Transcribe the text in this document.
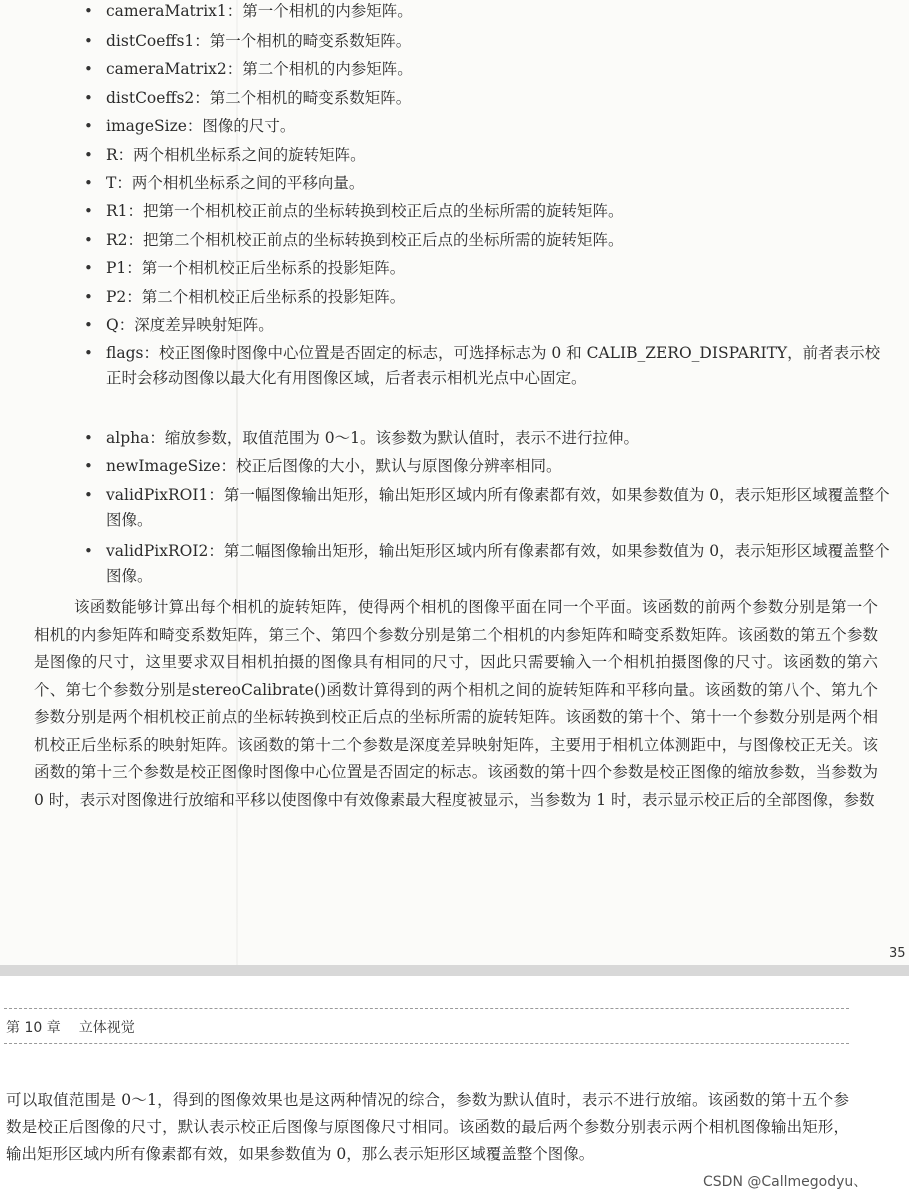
• cameraMatrix1：第一个相机的内参矩阵。
• distCoeffs1：第一个相机的畸变系数矩阵。
• cameraMatrix2：第二个相机的内参矩阵。
• distCoeffs2：第二个相机的畸变系数矩阵。
• imageSize：图像的尺寸。
• R：两个相机坐标系之间的旋转矩阵。
• T：两个相机坐标系之间的平移向量。
• R1：把第一个相机校正前点的坐标转换到校正后点的坐标所需的旋转矩阵。
• R2：把第二个相机校正前点的坐标转换到校正后点的坐标所需的旋转矩阵。
• P1：第一个相机校正后坐标系的投影矩阵。
• P2：第二个相机校正后坐标系的投影矩阵。
• Q：深度差异映射矩阵。
• flags：校正图像时图像中心位置是否固定的标志，可选择标志为 0 和 CALIB_ZERO_DISPARITY，前者表示校正时会移动图像以最大化有用图像区域，后者表示相机光点中心固定。
• alpha：缩放参数，取值范围为 0～1。该参数为默认值时，表示不进行拉伸。
• newImageSize：校正后图像的大小，默认与原图像分辨率相同。
• validPixROI1：第一幅图像输出矩形，输出矩形区域内所有像素都有效，如果参数值为 0，表示矩形区域覆盖整个图像。
• validPixROI2：第二幅图像输出矩形，输出矩形区域内所有像素都有效，如果参数值为 0，表示矩形区域覆盖整个图像。

该函数能够计算出每个相机的旋转矩阵，使得两个相机的图像平面在同一个平面。该函数的前两个参数分别是第一个相机的内参矩阵和畸变系数矩阵，第三个、第四个参数分别是第二个相机的内参矩阵和畸变系数矩阵。该函数的第五个参数是图像的尺寸，这里要求双目相机拍摄的图像具有相同的尺寸，因此只需要输入一个相机拍摄图像的尺寸。该函数的第六个、第七个参数分别是stereoCalibrate()函数计算得到的两个相机之间的旋转矩阵和平移向量。该函数的第八个、第九个参数分别是两个相机校正前点的坐标转换到校正后点的坐标所需的旋转矩阵。该函数的第十个、第十一个参数分别是两个相机校正后坐标系的映射矩阵。该函数的第十二个参数是深度差异映射矩阵，主要用于相机立体测距中，与图像校正无关。该函数的第十三个参数是校正图像时图像中心位置是否固定的标志。该函数的第十四个参数是校正图像的缩放参数，当参数为 0 时，表示对图像进行放缩和平移以使图像中有效像素最大程度被显示，当参数为 1 时，表示显示校正后的全部图像，参数

35
第 10 章 立体视觉

可以取值范围是 0～1，得到的图像效果也是这两种情况的综合，参数为默认值时，表示不进行放缩。该函数的第十五个参数是校正后图像的尺寸，默认表示校正后图像与原图像尺寸相同。该函数的最后两个参数分别表示两个相机图像输出矩形，输出矩形区域内所有像素都有效，如果参数值为 0，那么表示矩形区域覆盖整个图像。

CSDN @Callmegodyu、
